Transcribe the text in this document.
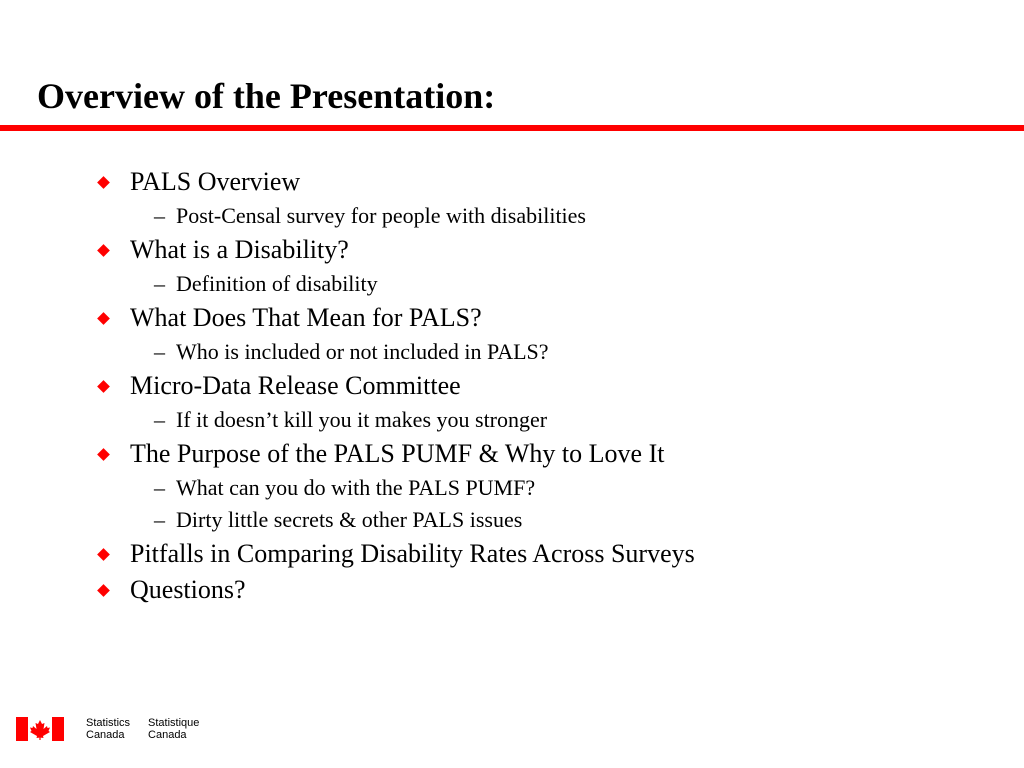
Overview of the Presentation:
PALS Overview
– Post-Censal survey for people with disabilities
What is a Disability?
– Definition of disability
What Does That Mean for PALS?
– Who is included or not included in PALS?
Micro-Data Release Committee
– If it doesn’t kill you it makes you stronger
The Purpose of the PALS PUMF & Why to Love It
– What can you do with the PALS PUMF?
– Dirty little secrets & other PALS issues
Pitfalls in Comparing Disability Rates Across Surveys
Questions?
Statistics
Canada
Statistique
Canada
